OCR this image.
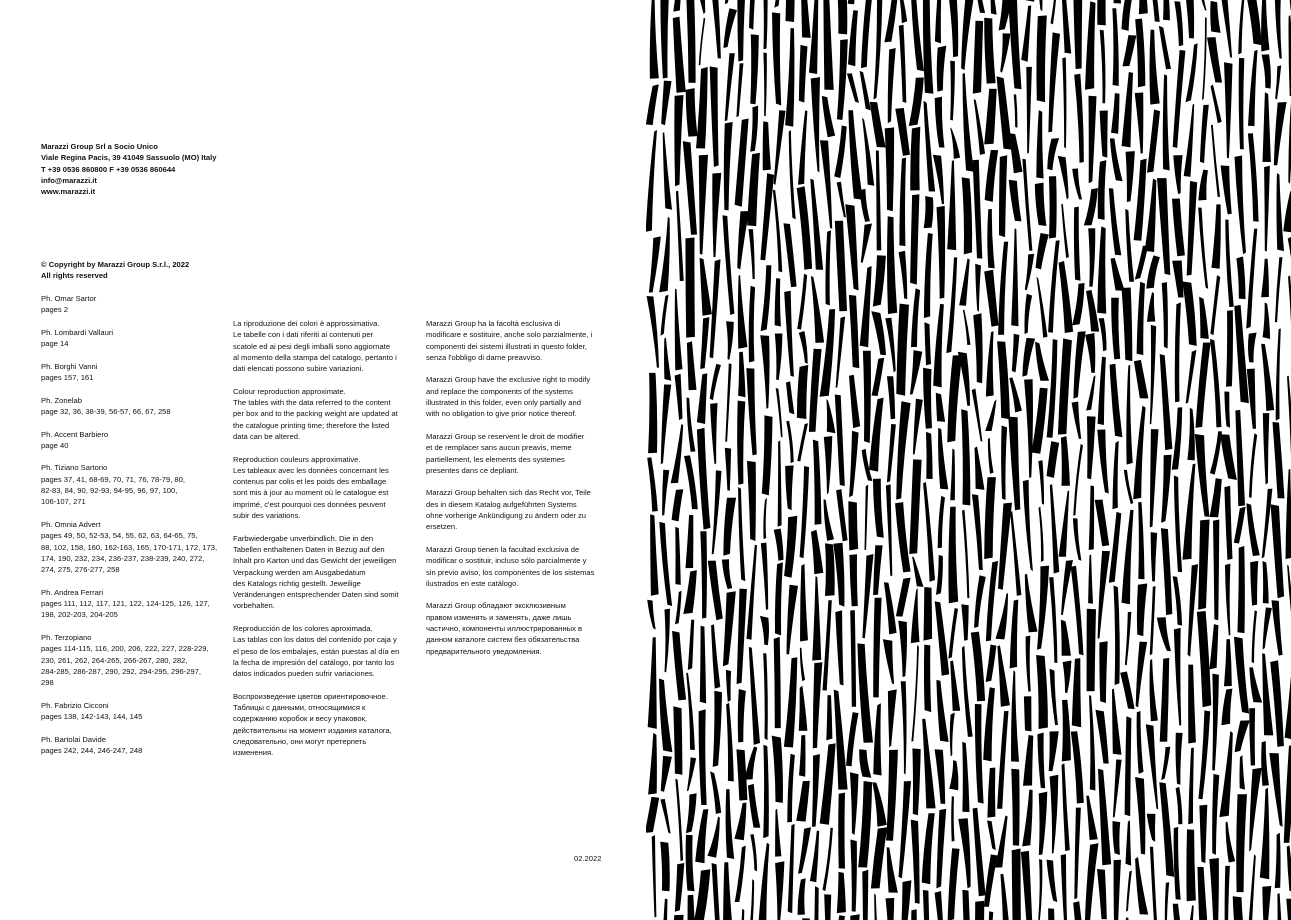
Marazzi Group Srl a Socio Unico
Viale Regina Pacis, 39 41049 Sassuolo (MO) Italy
T +39 0536 860800 F +39 0536 860644
info@marazzi.it
www.marazzi.it
© Copyright by Marazzi Group S.r.l., 2022
All rights reserved
Ph. Omar Sartor
pages 2
Ph. Lombardi Vallauri
page 14
Ph. Borghi Vanni
pages 157, 161
Ph. Zonelab
page 32, 36, 38-39, 56-57, 66, 67, 258
Ph. Accent Barbiero
page 40
Ph. Tiziano Sartorio
pages 37, 41, 68-69, 70, 71, 76, 78-79, 80,
82-83, 84, 90, 92-93, 94-95, 96, 97, 100,
106-107, 271
Ph. Omnia Advert
pages 49, 50, 52-53, 54, 55, 62, 63, 64-65, 75,
88, 102, 158, 160, 162-163, 165, 170-171, 172, 173,
174, 190, 232, 234, 236-237, 238-239, 240, 272,
274, 275, 276-277, 258
Ph. Andrea Ferrari
pages 111, 112, 117, 121, 122, 124-125, 126, 127,
198, 202-203, 204-205
Ph. Terzopiano
pages 114-115, 116, 200, 206, 222, 227, 228-229,
230, 261, 262, 264-265, 266-267, 280, 282,
284-285, 286-287, 290, 292, 294-295, 296-297,
298
Ph. Fabrizio Cicconi
pages 138, 142-143, 144, 145
Ph. Bartolai Davide
pages 242, 244, 246-247, 248
La riproduzione dei colori è approssimativa.
Le tabelle con i dati riferiti ai contenuti per
scatole ed ai pesi degli imballi sono aggiornate
al momento della stampa del catalogo, pertanto i
dati elencati possono subire variazioni.
Colour reproduction approximate.
The tables with the data referred to the content
per box and to the packing weight are updated at
the catalogue printing time; therefore the listed
data can be altered.
Reproduction couleurs approximative.
Les tableaux avec les données concernant les
contenus par colis et les poids des emballage
sont mis à jour au moment où le catalogue est
imprimé, c'est pourquoi ces données peuvent
subir des variations.
Farbwiedergabe unverbindlich. Die in den
Tabellen enthaltenen Daten in Bezug auf den
Inhalt pro Karton und das Gewicht der jeweiligen
Verpackung werden am Ausgabedatum
des Katalogs richtig gestellt. Jeweilige
Veränderungen entsprechender Daten sind somit
vorbehalten.
Reproducción de los colores aproximada.
Las tablas con los datos del contenido por caja y
el peso de los embalajes, están puestas al día en
la fecha de impresión del catálogo, por tanto los
datos indicados pueden sufrir variaciones.
Воспроизведение цветов ориентировочное.
Таблицы с данными, относящимися к
содержанию коробок и весу упаковок,
действительны на момент издания каталога,
следовательно, они могут претерпеть
изменения.
Marazzi Group ha la facoltà esclusiva di
modificare e sostituire, anche solo parzialmente, i
componenti dei sistemi illustrati in questo folder,
senza l'obbligo di darne preavviso.
Marazzi Group have the exclusive right to modify
and replace the components of the systems
illustrated in this folder, even only partially and
with no obligation to give prior notice thereof.
Marazzi Group se reservent le droit de modifier
et de remplacer sans aucun preavis, meme
partiellement, les elements des systemes
presentes dans ce depliant.
Marazzi Group behalten sich das Recht vor, Teile
des in diesem Katalog aufgeführten Systems
ohne vorherige Ankündigung zu ändern oder zu
ersetzen.
Marazzi Group tienen la facultad exclusiva de
modificar o sostituir, incluso sólo parcialmente y
sin previo aviso, los componentes de los sistemas
ilustrados en este catálogo.
Marazzi Group обладают эксклюзивным
правом изменять и заменять, даже лишь
частично, компоненты иллюстрированных в
данном каталоге систем без обязательства
предварительного уведомления.
02.2022
